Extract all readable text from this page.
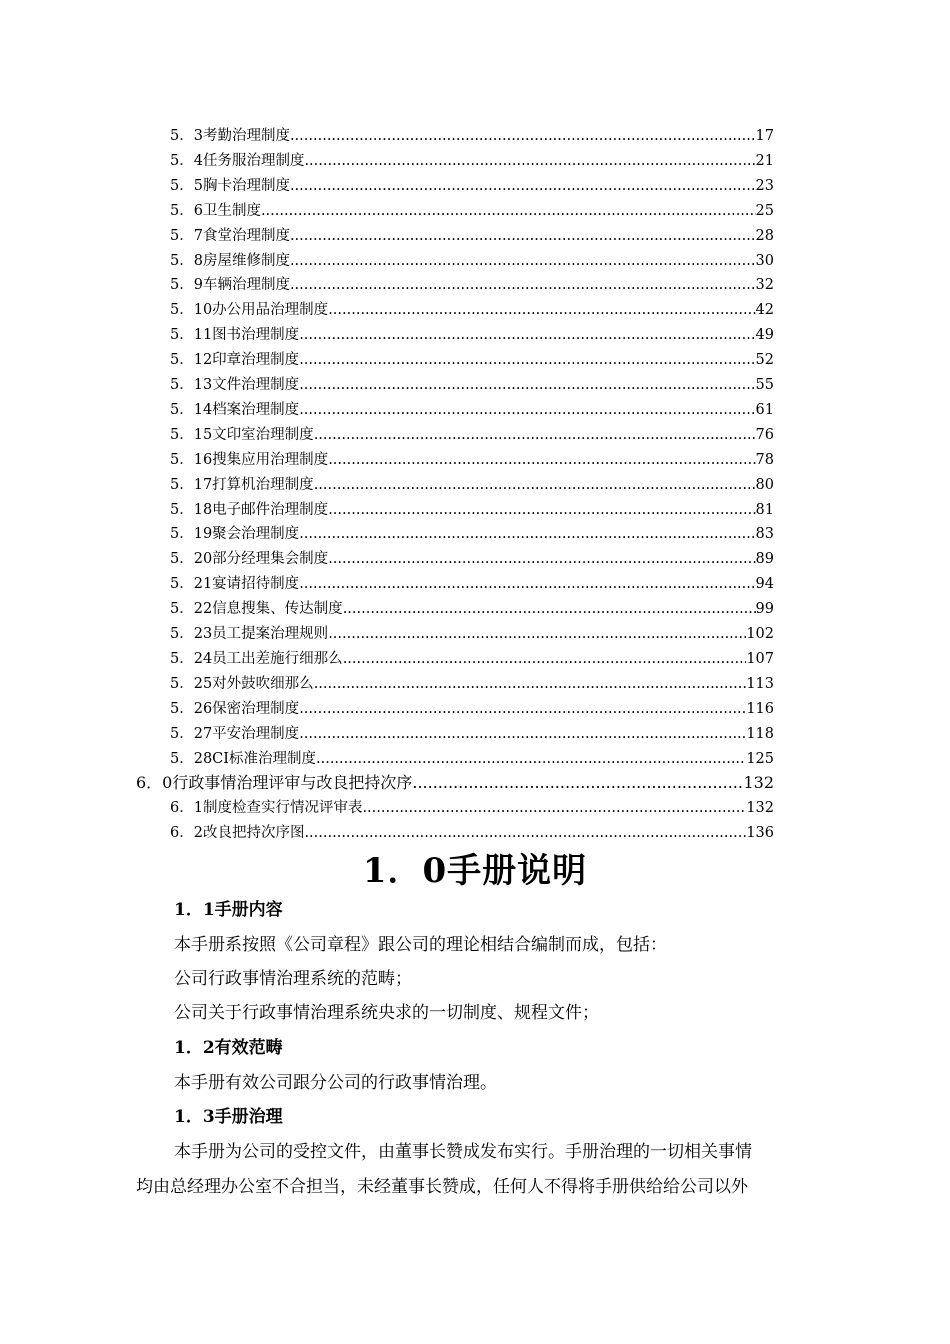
5．3考勤治理制度 .....	17
5．4任务服治理制度 .....	21
5．5胸卡治理制度 .....	23
5．6卫生制度 .....	25
5．7食堂治理制度 .....	28
5．8房屋维修制度 .....	30
5．9车辆治理制度 .....	32
5．10办公用品治理制度 .....	42
5．11图书治理制度 .....	49
5．12印章治理制度 .....	52
5．13文件治理制度 .....	55
5．14档案治理制度 .....	61
5．15文印室治理制度 .....	76
5．16搜集应用治理制度 .....	78
5．17打算机治理制度 .....	80
5．18电子邮件治理制度 .....	81
5．19聚会治理制度 .....	83
5．20部分经理集会制度 .....	89
5．21宴请招待制度 .....	94
5．22信息搜集、传达制度 .....	99
5．23员工提案治理规则 .....	102
5．24员工出差施行细那么 .....	107
5．25对外鼓吹细那么 .....	113
5．26保密治理制度 .....	116
5．27平安治理制度 .....	118
5．28CI标准治理制度 .....	125
6．0行政事情治理评审与改良把持次序 .....	132
6．1制度检查实行情况评审表 .....	132
6．2改良把持次序图 .....	136
1．0手册说明
1．1手册内容
本手册系按照《公司章程》跟公司的理论相结合编制而成，包括：
公司行政事情治理系统的范畴；
公司关于行政事情治理系统央求的一切制度、规程文件；
1．2有效范畴
本手册有效公司跟分公司的行政事情治理。
1．3手册治理
本手册为公司的受控文件，由董事长赞成发布实行。手册治理的一切相关事情
均由总经理办公室不合担当，未经董事长赞成，任何人不得将手册供给给公司以外
